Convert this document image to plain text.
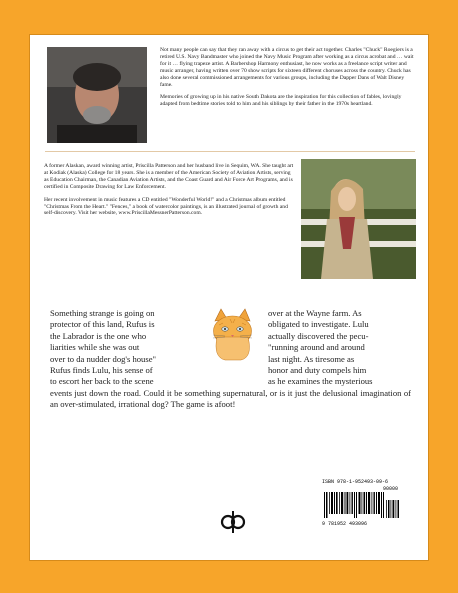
Not many people can say that they ran away with a circus to get their act together. Charles "Chuck" Roegiers is a retired U.S. Navy Bandmaster who joined the Navy Music Program after working as a circus acrobat and … wait for it … flying trapeze artist. A Barbershop Harmony enthusiast, he now works as a freelance script writer and music arranger, having written over 70 show scripts for sixteen different choruses across the country. Chuck has also done several commissioned arrangements for various groups, including the Dapper Dans of Walt Disney fame.

Memories of growing up in his native South Dakota are the inspiration for this collection of fables, lovingly adapted from bedtime stories told to him and his siblings by their father in the 1970s heartland.

A former Alaskan, award winning artist, Priscilla Patterson and her husband live in Sequim, WA. She taught art at Kodiak (Alaska) College for 18 years. She is a member of the American Society of Aviation Artists, serving as Education Chairman, the Canadian Aviation Artists, and the Coast Guard and Air Force Art Programs, and is certified in Composite Drawing for Law Enforcement.

Her recent involvement in music features a CD entitled "Wonderful World!" and a Christmas album entitled "Christmas From the Heart." "Fences," a book of watercolor paintings, is an illustrated journal of growth and self-discovery. Visit her website, www.PriscillaMessnerPatterson.com.

Something strange is going on
protector of this land, Rufus is
the Labrador is the one who
liarities while she was out
over to da nudder dog's house"
Rufus finds Lulu, his sense of
to escort her back to the scene
over at the Wayne farm. As
obligated to investigate. Lulu
actually discovered the pecu-
"running around and around
last night. As tiresome as
honor and duty compels him
as he examines the mysterious
events just down the road. Could it be something supernatural, or is it just the delusional imagination of an over-stimulated, irrational dog? The game is afoot!
ISBN 978-1-952493-09-6
90000
9 781952 493096
